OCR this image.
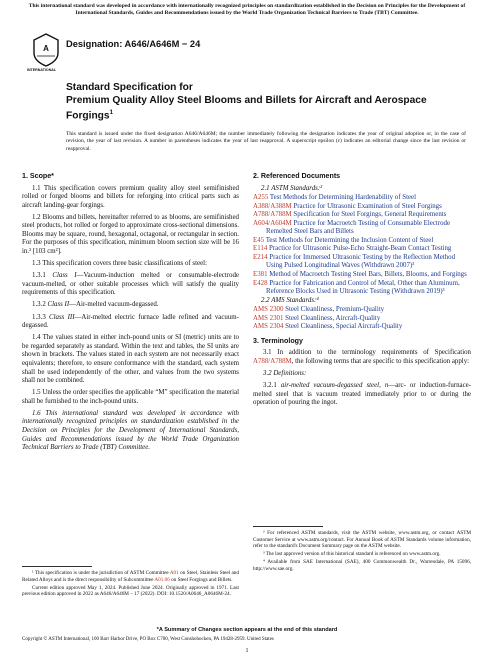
This international standard was developed in accordance with internationally recognized principles on standardization established in the Decision on Principles for the Development of International Standards, Guides and Recommendations issued by the World Trade Organization Technical Barriers to Trade (TBT) Committee.
A
INTERNATIONAL
Designation: A646/A646M − 24
Standard Specification for
Premium Quality Alloy Steel Blooms and Billets for Aircraft and Aerospace Forgings$^1$
This standard is issued under the fixed designation A646/A646M; the number immediately following the designation indicates the year of original adoption or, in the case of revision, the year of last revision. A number in parentheses indicates the year of last reapproval. A superscript epsilon (ε) indicates an editorial change since the last revision or reapproval.
1. Scope*

1.1 This specification covers premium quality alloy steel semifinished rolled or forged blooms and billets for reforging into critical parts such as aircraft landing-gear forgings.

1.2 Blooms and billets, hereinafter referred to as blooms, are semifinished steel products, hot rolled or forged to approximate cross-sectional dimensions. Blooms may be square, round, hexagonal, octagonal, or rectangular in section. For the purposes of this specification, minimum bloom section size will be 16 in.² [103 cm²].

1.3 This specification covers three basic classifications of steel:

1.3.1 Class I—Vacuum-induction melted or consumable-electrode vacuum-melted, or other suitable processes which will satisfy the quality requirements of this specification.

1.3.2 Class II—Air-melted vacuum-degassed.

1.3.3 Class III—Air-melted electric furnace ladle refined and vacuum-degassed.

1.4 The values stated in either inch-pound units or SI (metric) units are to be regarded separately as standard. Within the text and tables, the SI units are shown in brackets. The values stated in each system are not necessarily exact equivalents; therefore, to ensure conformance with the standard, each system shall be used independently of the other, and values from the two systems shall not be combined.

1.5 Unless the order specifies the applicable “M” specification the material shall be furnished to the inch-pound units.

1.6 This international standard was developed in accordance with internationally recognized principles on standardization established in the Decision on Principles for the Development of International Standards, Guides and Recommendations issued by the World Trade Organization Technical Barriers to Trade (TBT) Committee.

¹ This specification is under the jurisdiction of ASTM Committee A01 on Steel, Stainless Steel and Related Alloys and is the direct responsibility of Subcommittee A01.06 on Steel Forgings and Billets.

Current edition approved May 1, 2024. Published June 2024. Originally approved in 1971. Last previous edition approved in 2022 as A646/A646M – 17 (2022). DOI: 10.1520/A0646_A0646M-24.

2. Referenced Documents

2.1 ASTM Standards:²

A255 Test Methods for Determining Hardenability of Steel

A388/A388M Practice for Ultrasonic Examination of Steel Forgings

A788/A788M Specification for Steel Forgings, General Requirements

A604/A604M Practice for Macroetch Testing of Consumable Electrode Remelted Steel Bars and Billets

E45 Test Methods for Determining the Inclusion Content of Steel

E114 Practice for Ultrasonic Pulse-Echo Straight-Beam Contact Testing

E214 Practice for Immersed Ultrasonic Testing by the Reflection Method Using Pulsed Longitudinal Waves (Withdrawn 2007)³

E381 Method of Macroetch Testing Steel Bars, Billets, Blooms, and Forgings

E428 Practice for Fabrication and Control of Metal, Other than Aluminum, Reference Blocks Used in Ultrasonic Testing (Withdrawn 2019)³

2.2 AMS Standards:⁴

AMS 2300 Steel Cleanliness, Premium-Quality

AMS 2301 Steel Cleanliness, Aircraft-Quality

AMS 2304 Steel Cleanliness, Special Aircraft-Quality

3. Terminology

3.1 In addition to the terminology requirements of Specification A788/A788M, the following terms that are specific to this specification apply:

3.2 Definitions:

3.2.1 air-melted vacuum-degassed steel, n—arc- or induction-furnace-melted steel that is vacuum treated immediately prior to or during the operation of pouring the ingot.

² For referenced ASTM standards, visit the ASTM website, www.astm.org, or contact ASTM Customer Service at www.astm.org/contact. For Annual Book of ASTM Standards volume information, refer to the standard's Document Summary page on the ASTM website.

³ The last approved version of this historical standard is referenced on www.astm.org.

⁴ Available from SAE International (SAE), 400 Commonwealth Dr., Warrendale, PA 15096, http://www.sae.org.

*A Summary of Changes section appears at the end of this standard
Copyright © ASTM International, 100 Barr Harbor Drive, PO Box C700, West Conshohocken, PA 19428-2959. United States
1
